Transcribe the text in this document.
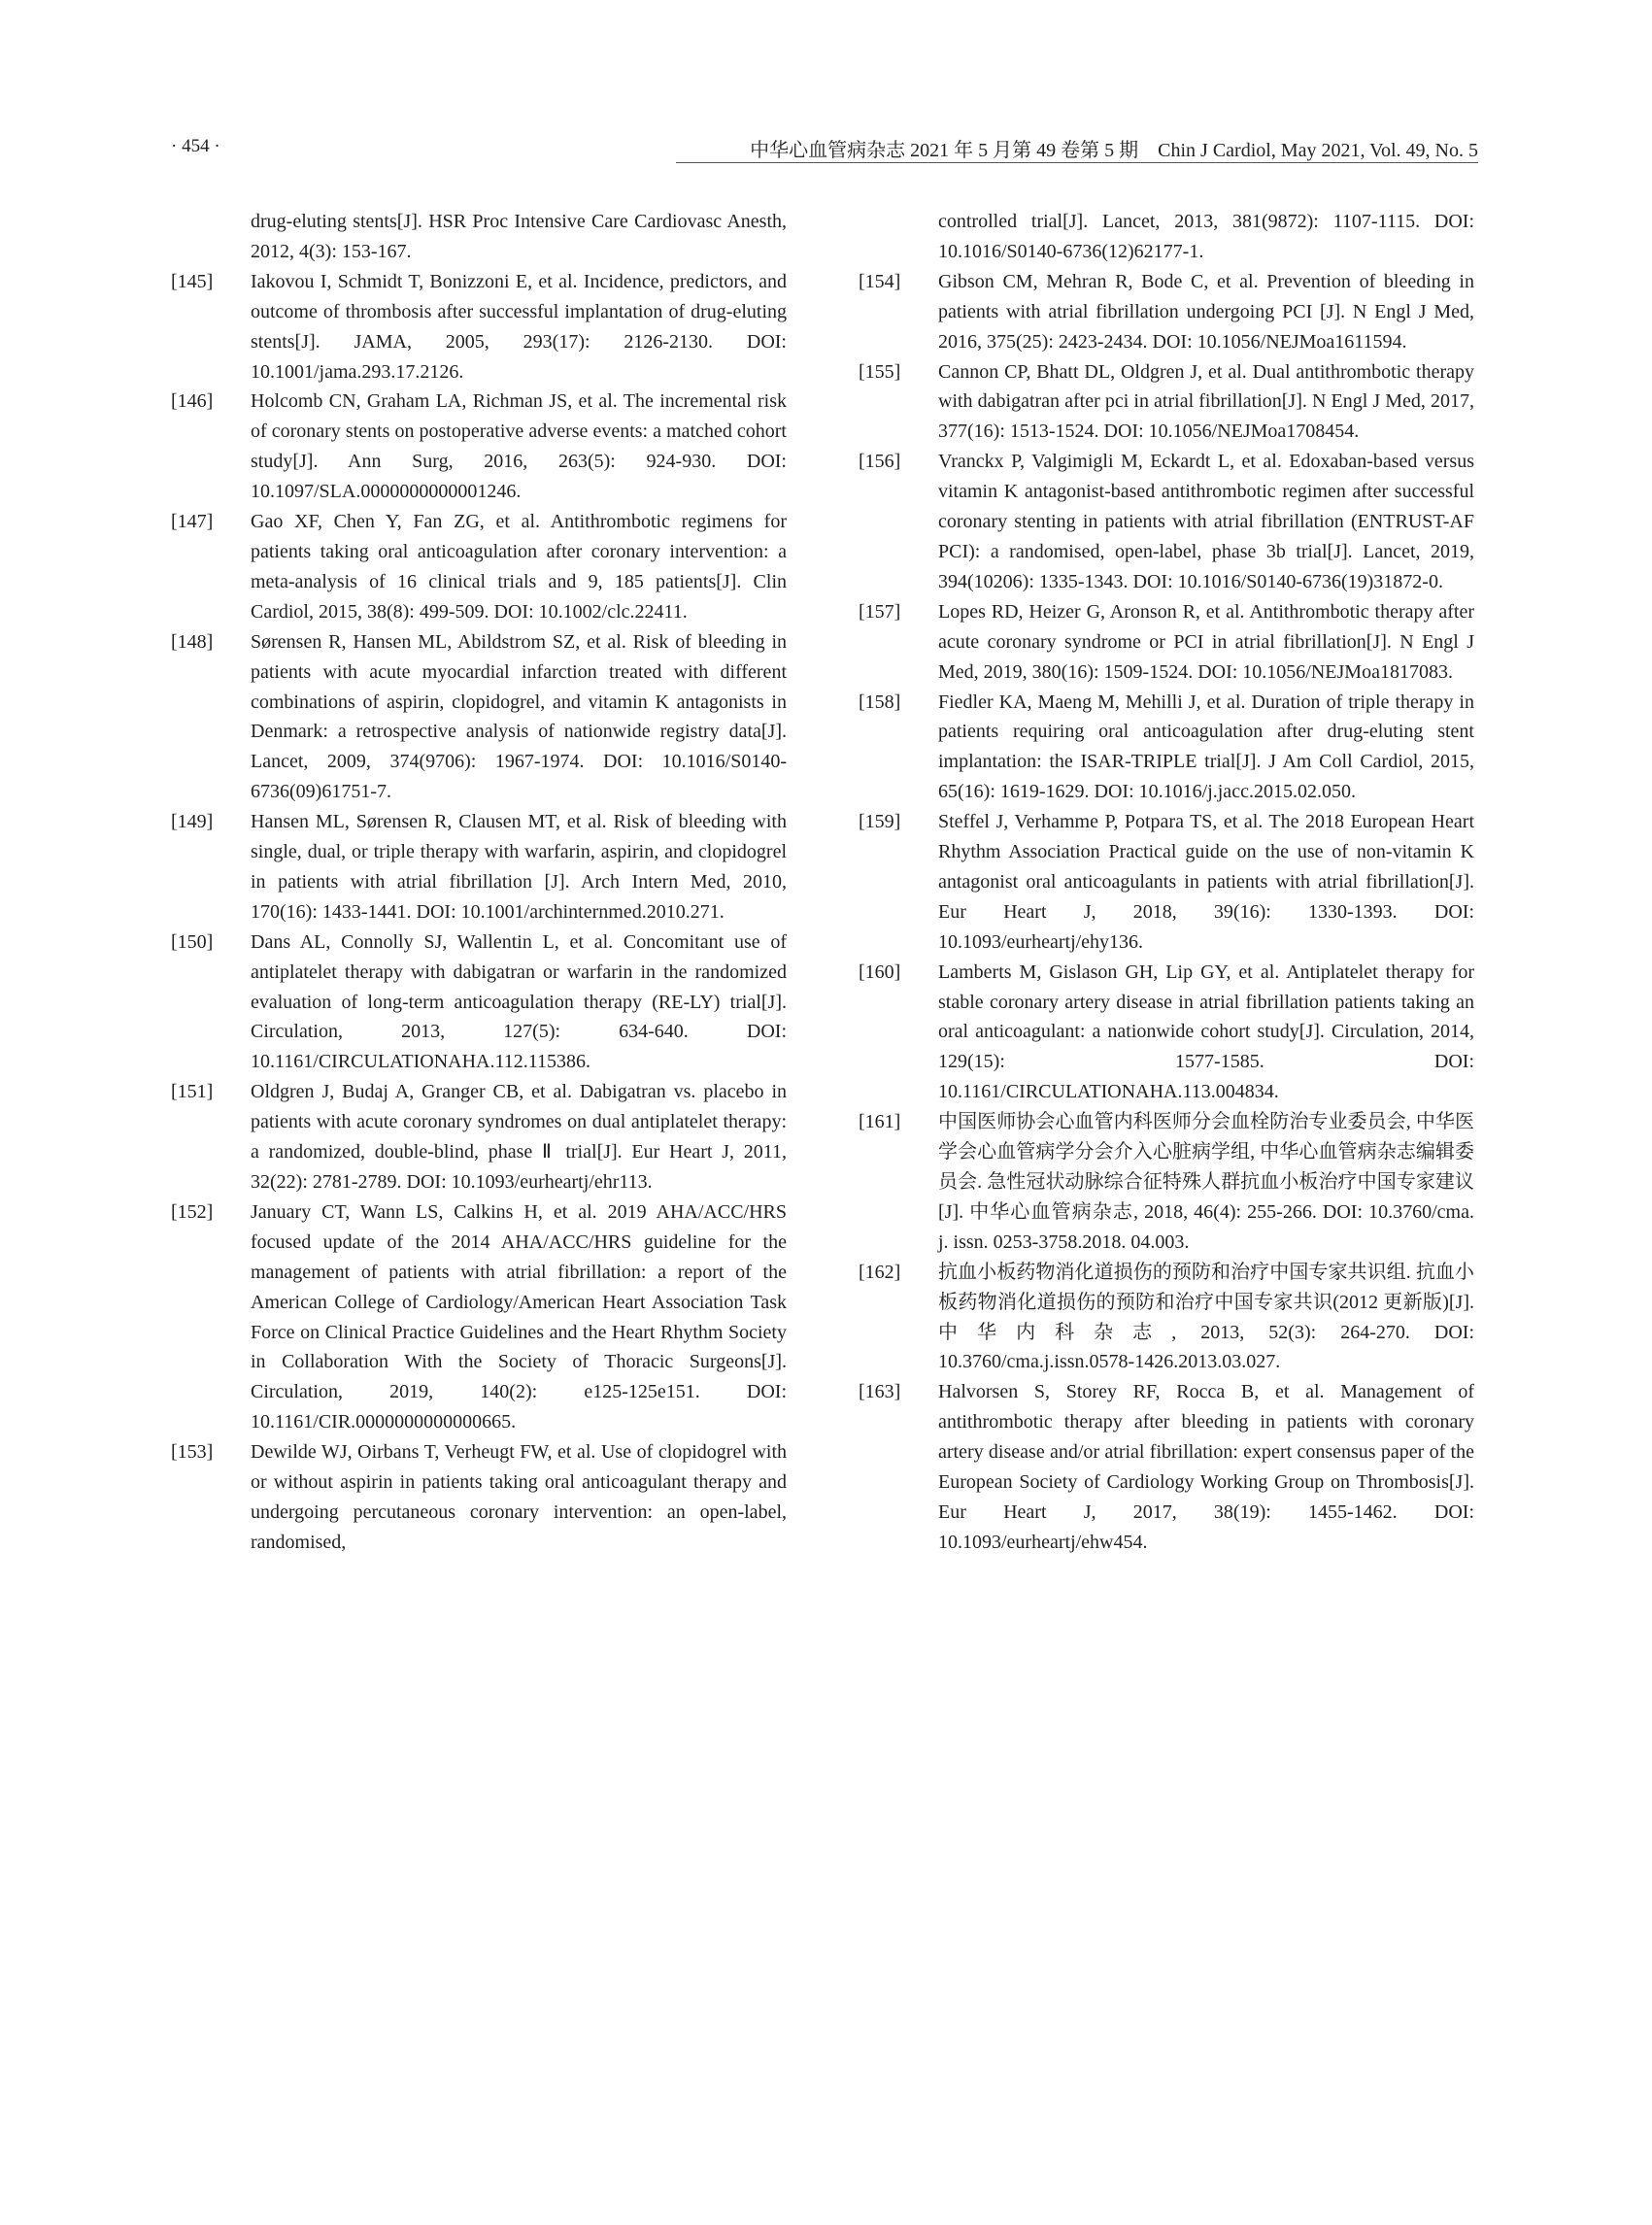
· 454 ·	中华心血管病杂志 2021 年 5 月第 49 卷第 5 期　Chin J Cardiol, May 2021, Vol. 49, No. 5
drug-eluting stents[J]. HSR Proc Intensive Care Cardiovasc Anesth, 2012, 4(3): 153-167.
[145] Iakovou I, Schmidt T, Bonizzoni E, et al. Incidence, predictors, and outcome of thrombosis after successful implantation of drug-eluting stents[J]. JAMA, 2005, 293(17): 2126-2130. DOI: 10.1001/jama.293.17.2126.
[146] Holcomb CN, Graham LA, Richman JS, et al. The incremental risk of coronary stents on postoperative adverse events: a matched cohort study[J]. Ann Surg, 2016, 263(5): 924-930. DOI: 10.1097/SLA.0000000000001246.
[147] Gao XF, Chen Y, Fan ZG, et al. Antithrombotic regimens for patients taking oral anticoagulation after coronary intervention: a meta-analysis of 16 clinical trials and 9, 185 patients[J]. Clin Cardiol, 2015, 38(8): 499-509. DOI: 10.1002/clc.22411.
[148] Sørensen R, Hansen ML, Abildstrom SZ, et al. Risk of bleeding in patients with acute myocardial infarction treated with different combinations of aspirin, clopidogrel, and vitamin K antagonists in Denmark: a retrospective analysis of nationwide registry data[J]. Lancet, 2009, 374(9706): 1967-1974. DOI: 10.1016/S0140-6736(09)61751-7.
[149] Hansen ML, Sørensen R, Clausen MT, et al. Risk of bleeding with single, dual, or triple therapy with warfarin, aspirin, and clopidogrel in patients with atrial fibrillation [J]. Arch Intern Med, 2010, 170(16): 1433-1441. DOI: 10.1001/archinternmed.2010.271.
[150] Dans AL, Connolly SJ, Wallentin L, et al. Concomitant use of antiplatelet therapy with dabigatran or warfarin in the randomized evaluation of long-term anticoagulation therapy (RE-LY) trial[J]. Circulation, 2013, 127(5): 634-640. DOI: 10.1161/CIRCULATIONAHA.112.115386.
[151] Oldgren J, Budaj A, Granger CB, et al. Dabigatran vs. placebo in patients with acute coronary syndromes on dual antiplatelet therapy: a randomized, double-blind, phase Ⅱ trial[J]. Eur Heart J, 2011, 32(22): 2781-2789. DOI: 10.1093/eurheartj/ehr113.
[152] January CT, Wann LS, Calkins H, et al. 2019 AHA/ACC/HRS focused update of the 2014 AHA/ACC/HRS guideline for the management of patients with atrial fibrillation: a report of the American College of Cardiology/American Heart Association Task Force on Clinical Practice Guidelines and the Heart Rhythm Society in Collaboration With the Society of Thoracic Surgeons[J]. Circulation, 2019, 140(2): e125-125e151. DOI: 10.1161/CIR.0000000000000665.
[153] Dewilde WJ, Oirbans T, Verheugt FW, et al. Use of clopidogrel with or without aspirin in patients taking oral anticoagulant therapy and undergoing percutaneous coronary intervention: an open-label, randomised,
controlled trial[J]. Lancet, 2013, 381(9872): 1107-1115. DOI: 10.1016/S0140-6736(12)62177-1.
[154] Gibson CM, Mehran R, Bode C, et al. Prevention of bleeding in patients with atrial fibrillation undergoing PCI [J]. N Engl J Med, 2016, 375(25): 2423-2434. DOI: 10.1056/NEJMoa1611594.
[155] Cannon CP, Bhatt DL, Oldgren J, et al. Dual antithrombotic therapy with dabigatran after pci in atrial fibrillation[J]. N Engl J Med, 2017, 377(16): 1513-1524. DOI: 10.1056/NEJMoa1708454.
[156] Vranckx P, Valgimigli M, Eckardt L, et al. Edoxaban-based versus vitamin K antagonist-based antithrombotic regimen after successful coronary stenting in patients with atrial fibrillation (ENTRUST-AF PCI): a randomised, open-label, phase 3b trial[J]. Lancet, 2019, 394(10206): 1335-1343. DOI: 10.1016/S0140-6736(19)31872-0.
[157] Lopes RD, Heizer G, Aronson R, et al. Antithrombotic therapy after acute coronary syndrome or PCI in atrial fibrillation[J]. N Engl J Med, 2019, 380(16): 1509-1524. DOI: 10.1056/NEJMoa1817083.
[158] Fiedler KA, Maeng M, Mehilli J, et al. Duration of triple therapy in patients requiring oral anticoagulation after drug-eluting stent implantation: the ISAR-TRIPLE trial[J]. J Am Coll Cardiol, 2015, 65(16): 1619-1629. DOI: 10.1016/j.jacc.2015.02.050.
[159] Steffel J, Verhamme P, Potpara TS, et al. The 2018 European Heart Rhythm Association Practical guide on the use of non-vitamin K antagonist oral anticoagulants in patients with atrial fibrillation[J]. Eur Heart J, 2018, 39(16): 1330-1393. DOI: 10.1093/eurheartj/ehy136.
[160] Lamberts M, Gislason GH, Lip GY, et al. Antiplatelet therapy for stable coronary artery disease in atrial fibrillation patients taking an oral anticoagulant: a nationwide cohort study[J]. Circulation, 2014, 129(15): 1577-1585. DOI: 10.1161/CIRCULATIONAHA.113.004834.
[161] 中国医师协会心血管内科医师分会血栓防治专业委员会, 中华医学会心血管病学分会介入心脏病学组, 中华心血管病杂志编辑委员会. 急性冠状动脉综合征特殊人群抗血小板治疗中国专家建议[J]. 中华心血管病杂志, 2018, 46(4): 255-266. DOI: 10.3760/cma. j. issn. 0253-3758.2018. 04.003.
[162] 抗血小板药物消化道损伤的预防和治疗中国专家共识组. 抗血小板药物消化道损伤的预防和治疗中国专家共识(2012 更新版)[J]. 中华内科杂志, 2013, 52(3): 264-270. DOI: 10.3760/cma.j.issn.0578-1426.2013.03.027.
[163] Halvorsen S, Storey RF, Rocca B, et al. Management of antithrombotic therapy after bleeding in patients with coronary artery disease and/or atrial fibrillation: expert consensus paper of the European Society of Cardiology Working Group on Thrombosis[J]. Eur Heart J, 2017, 38(19): 1455-1462. DOI: 10.1093/eurheartj/ehw454.
